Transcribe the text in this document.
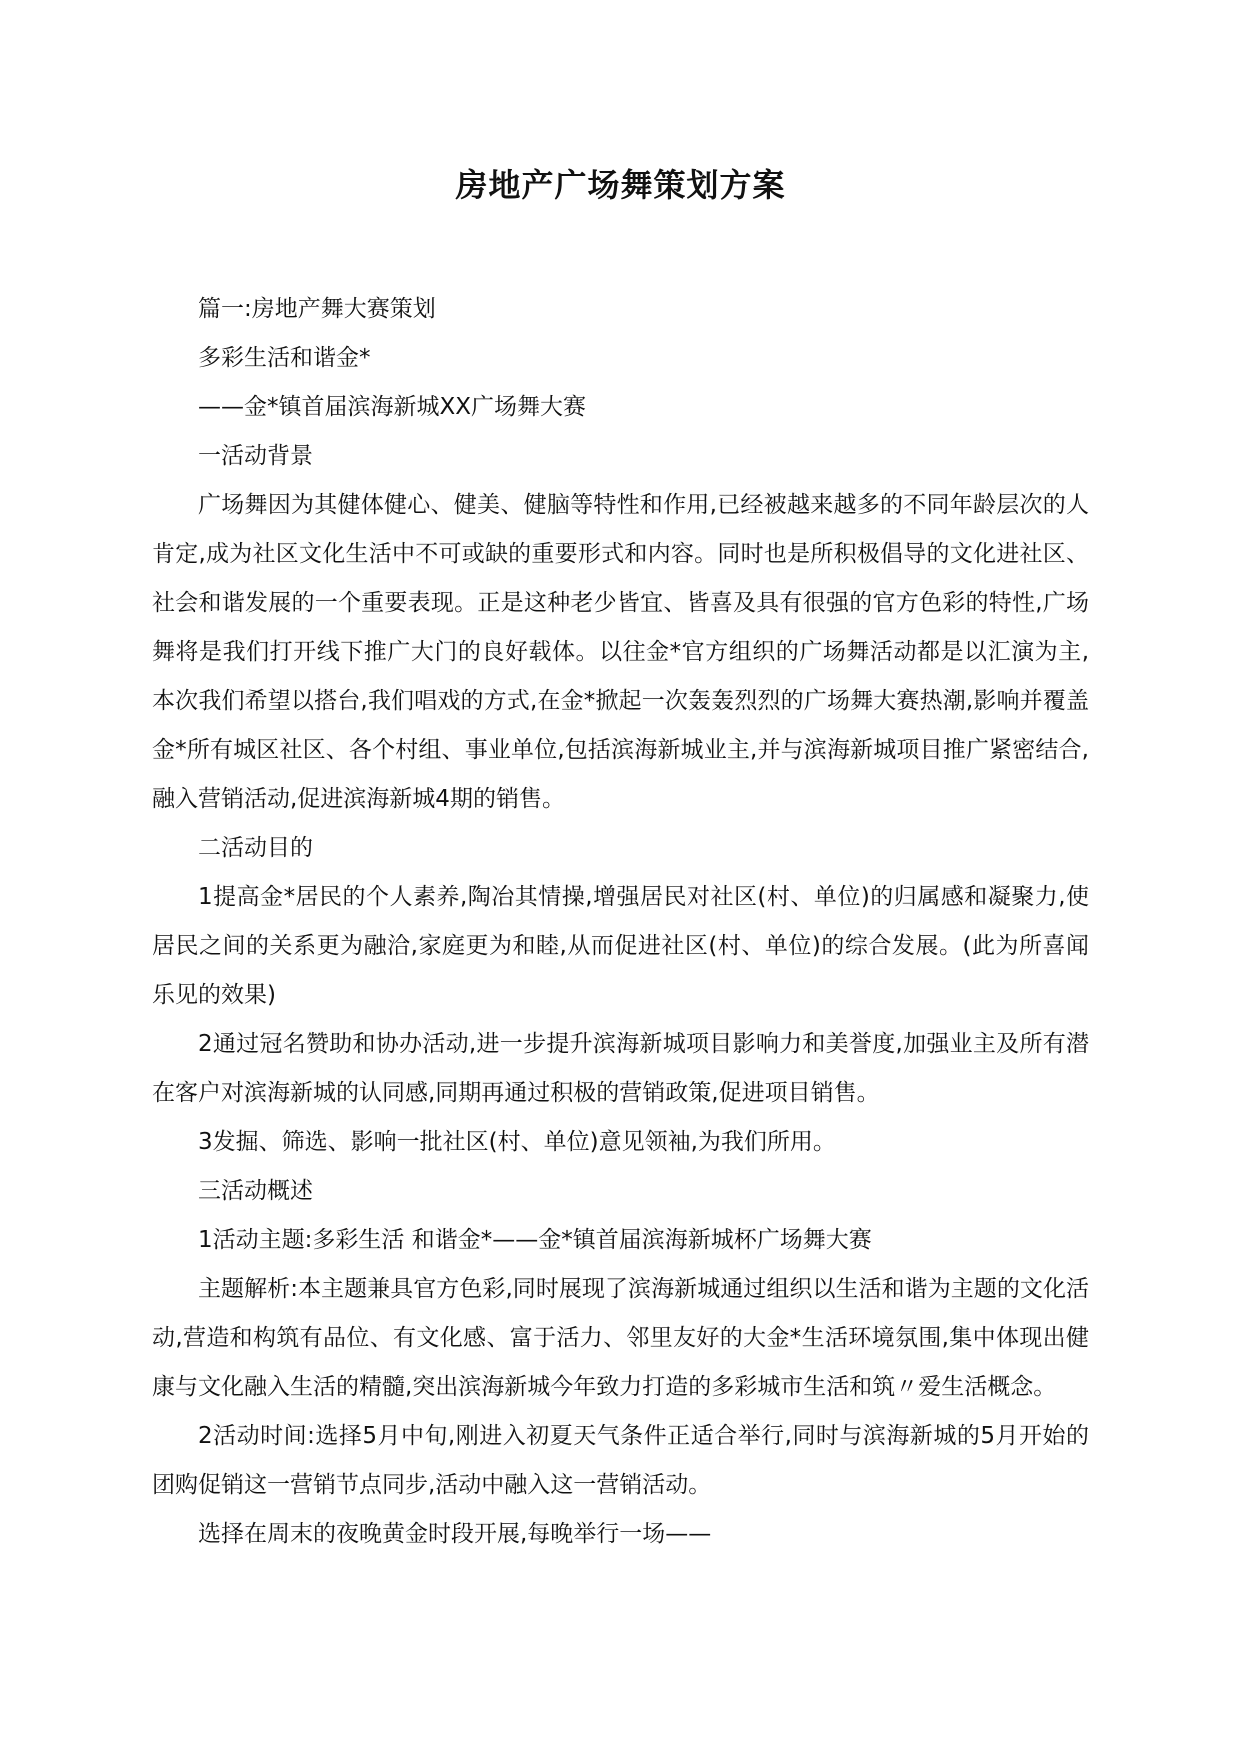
房地产广场舞策划方案

篇一:房地产舞大赛策划

多彩生活和谐金*

——金*镇首届滨海新城XX广场舞大赛

一活动背景

广场舞因为其健体健心、健美、健脑等特性和作用,已经被越来越多的不同年龄层次的人肯定,成为社区文化生活中不可或缺的重要形式和内容。同时也是所积极倡导的文化进社区、社会和谐发展的一个重要表现。正是这种老少皆宜、皆喜及具有很强的官方色彩的特性,广场舞将是我们打开线下推广大门的良好载体。以往金*官方组织的广场舞活动都是以汇演为主,本次我们希望以搭台,我们唱戏的方式,在金*掀起一次轰轰烈烈的广场舞大赛热潮,影响并覆盖金*所有城区社区、各个村组、事业单位,包括滨海新城业主,并与滨海新城项目推广紧密结合,融入营销活动,促进滨海新城4期的销售。

二活动目的

1提高金*居民的个人素养,陶冶其情操,增强居民对社区(村、单位)的归属感和凝聚力,使居民之间的关系更为融洽,家庭更为和睦,从而促进社区(村、单位)的综合发展。(此为所喜闻乐见的效果)

2通过冠名赞助和协办活动,进一步提升滨海新城项目影响力和美誉度,加强业主及所有潜在客户对滨海新城的认同感,同期再通过积极的营销政策,促进项目销售。

3发掘、筛选、影响一批社区(村、单位)意见领袖,为我们所用。

三活动概述

1活动主题:多彩生活 和谐金*——金*镇首届滨海新城杯广场舞大赛

主题解析:本主题兼具官方色彩,同时展现了滨海新城通过组织以生活和谐为主题的文化活动,营造和构筑有品位、有文化感、富于活力、邻里友好的大金*生活环境氛围,集中体现出健康与文化融入生活的精髓,突出滨海新城今年致力打造的多彩城市生活和筑〃爱生活概念。

2活动时间:选择5月中旬,刚进入初夏天气条件正适合举行,同时与滨海新城的5月开始的团购促销这一营销节点同步,活动中融入这一营销活动。

选择在周末的夜晚黄金时段开展,每晚举行一场——
